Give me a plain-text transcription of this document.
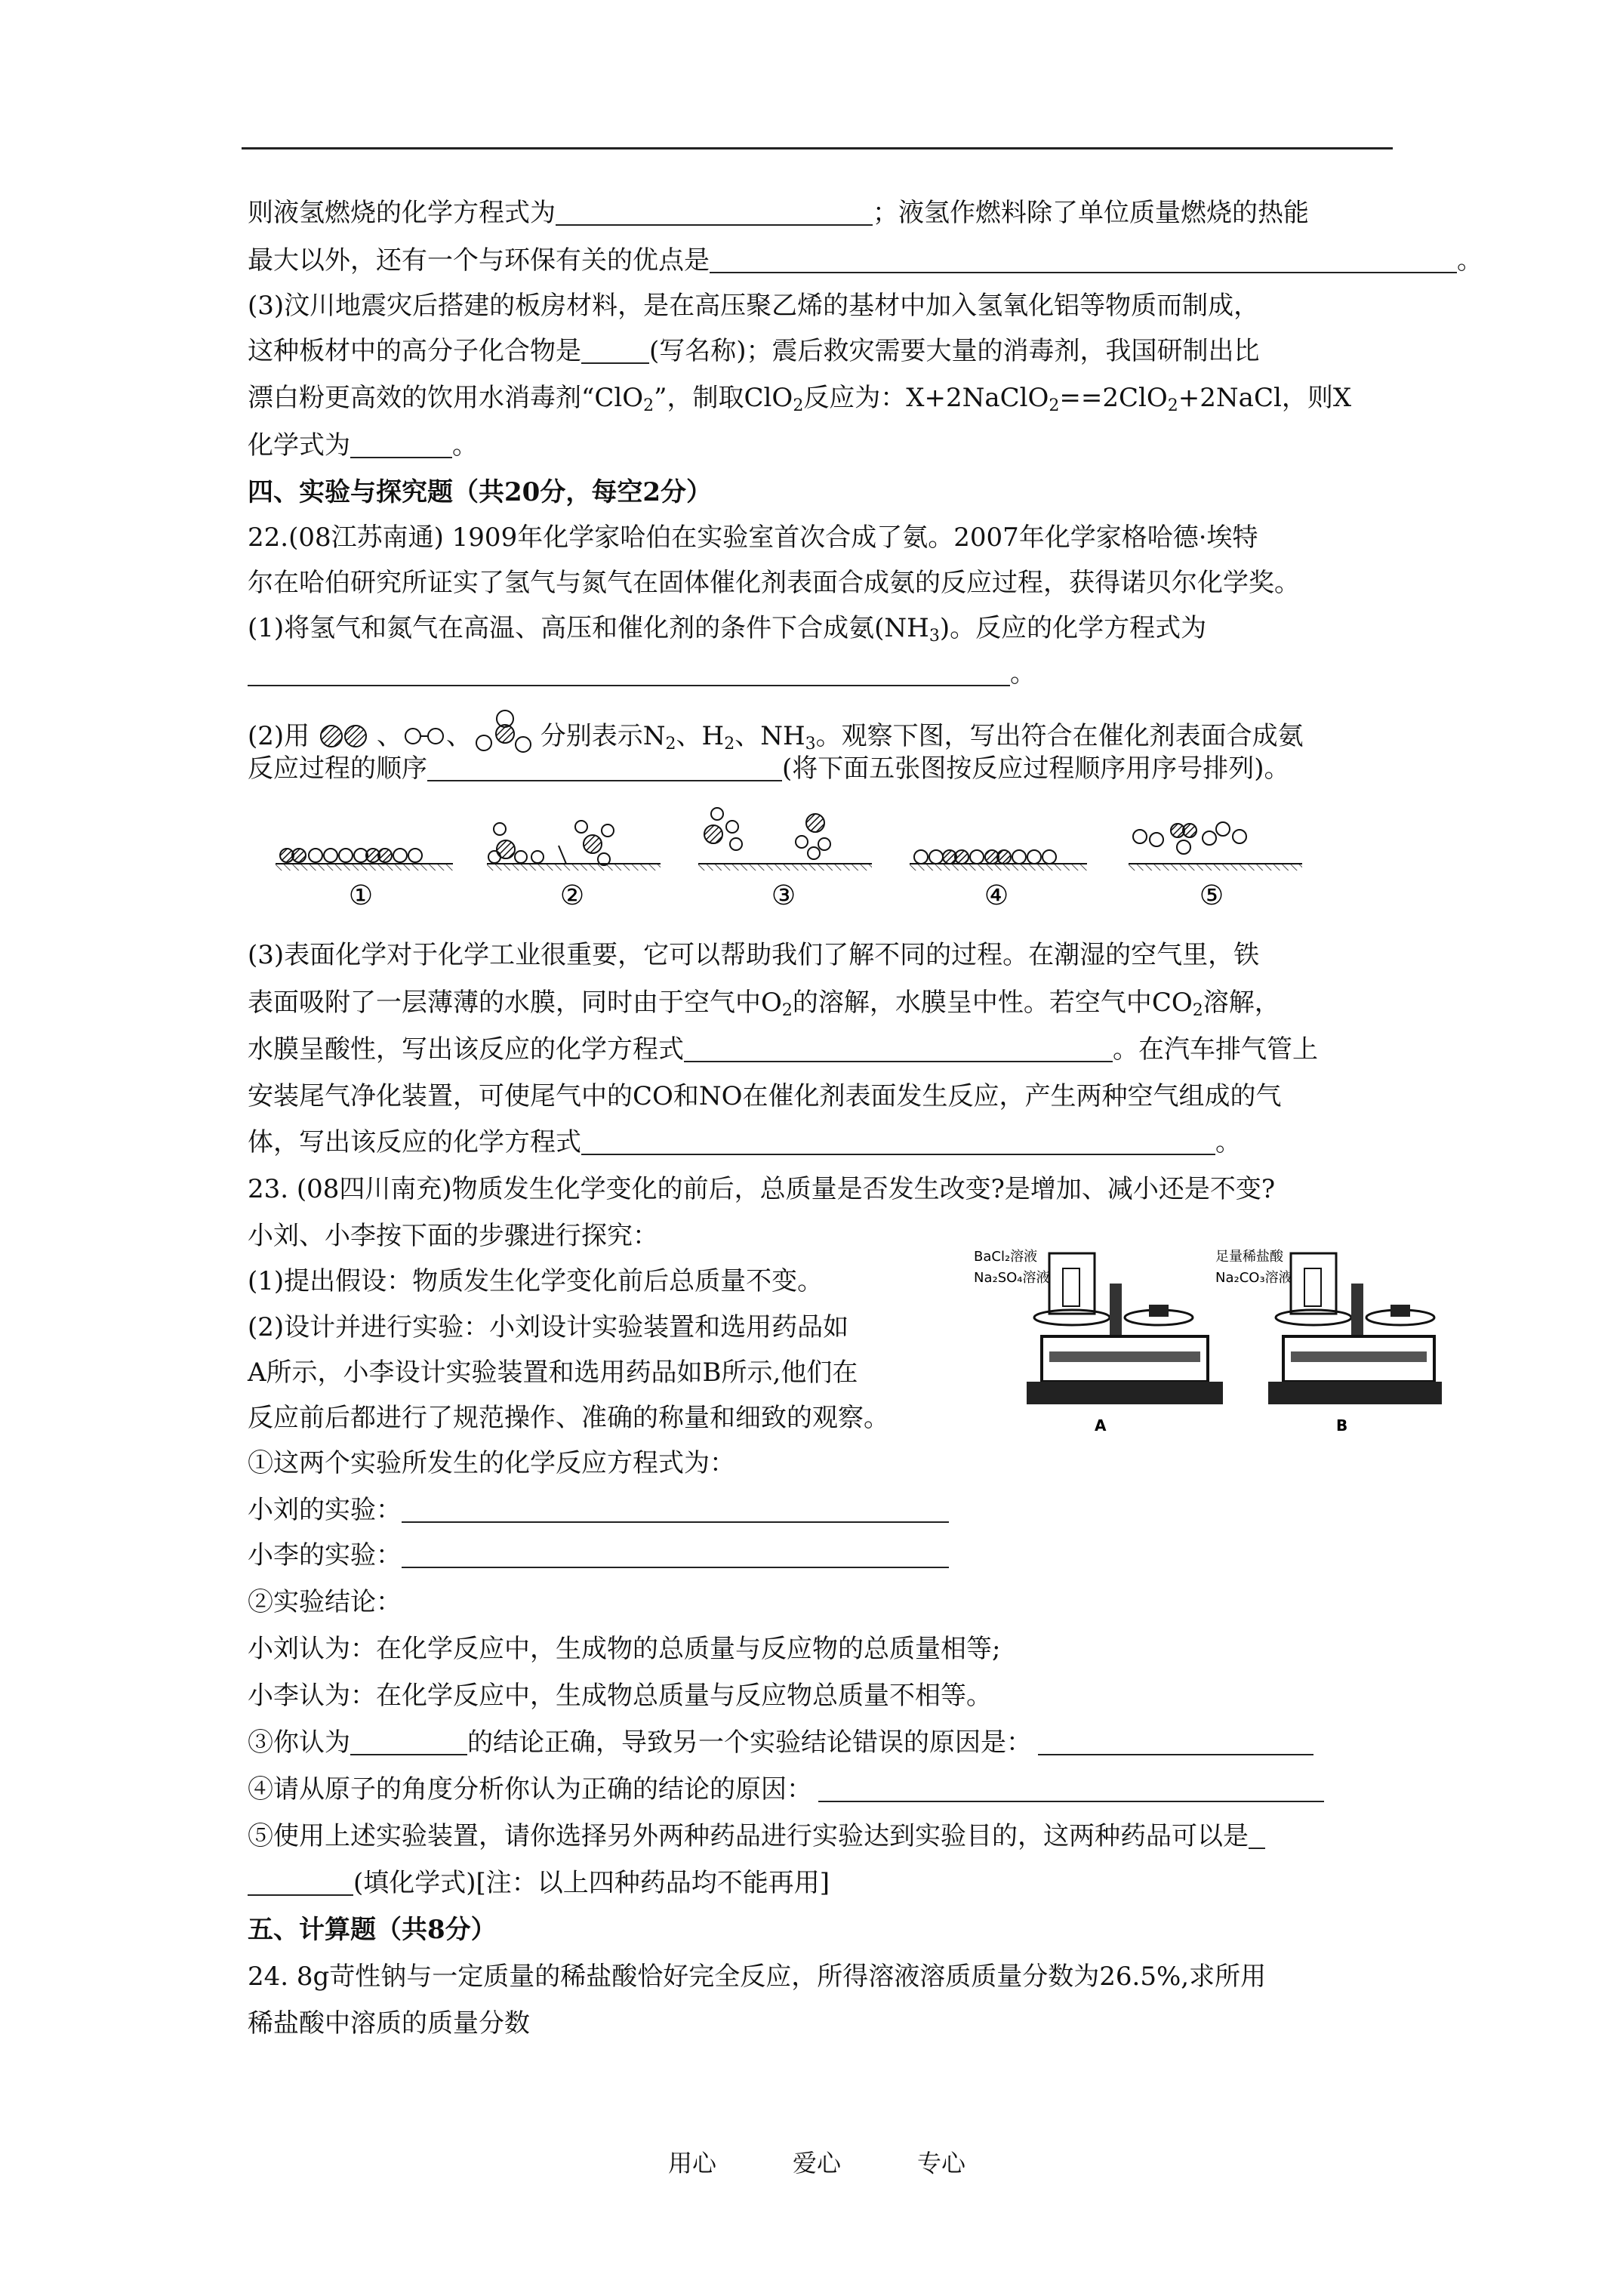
则液氢燃烧的化学方程式为	；液氢作燃料除了单位质量燃烧的热能
最大以外，还有一个与环保有关的优点是	。
(3)汶川地震灾后搭建的板房材料，是在高压聚乙烯的基材中加入氢氧化铝等物质而制成，
这种板材中的高分子化合物是	(写名称)；震后救灾需要大量的消毒剂，我国研制出比
漂白粉更高效的饮用水消毒剂“ClO$_2$”，制取ClO$_2$反应为：X+2NaClO$_2$==2ClO$_2$+2NaCl，则X
化学式为	。
四、实验与探究题（共20分，每空2分）
22.(08江苏南通) 1909年化学家哈伯在实验室首次合成了氨。2007年化学家格哈德·埃特
尔在哈伯研究所证实了氢气与氮气在固体催化剂表面合成氨的反应过程，获得诺贝尔化学奖。
(1)将氢气和氮气在高温、高压和催化剂的条件下合成氨$(NH_3)$。反应的化学方程式为
。
(2)用	、 、	分别表示$N_2$、$H_2$、$NH_3$。观察下图，写出符合在催化剂表面合成氨
反应过程的顺序	(将下面五张图按反应过程顺序用序号排列)。
①	②	③	④	⑤
(3)表面化学对于化学工业很重要，它可以帮助我们了解不同的过程。在潮湿的空气里，铁
表面吸附了一层薄薄的水膜，同时由于空气中$O_2$的溶解，水膜呈中性。若空气中$CO_2$溶解，
水膜呈酸性，写出该反应的化学方程式	。在汽车排气管上
安装尾气净化装置，可使尾气中的CO和NO在催化剂表面发生反应，产生两种空气组成的气
体，写出该反应的化学方程式	。
23. (08四川南充)物质发生化学变化的前后，总质量是否发生改变?是增加、减小还是不变?
小刘、小李按下面的步骤进行探究：
(1)提出假设：物质发生化学变化前后总质量不变。
(2)设计并进行实验：小刘设计实验装置和选用药品如
A所示，小李设计实验装置和选用药品如B所示,他们在
反应前后都进行了规范操作、准确的称量和细致的观察。
BaCl₂溶液
Na₂SO₄溶液
A
足量稀盐酸
Na₂CO₃溶液
B
①这两个实验所发生的化学反应方程式为：
小刘的实验：
小李的实验：
②实验结论：
小刘认为：在化学反应中，生成物的总质量与反应物的总质量相等;
小李认为：在化学反应中，生成物总质量与反应物总质量不相等。
③你认为	的结论正确，导致另一个实验结论错误的原因是：
④请从原子的角度分析你认为正确的结论的原因：
⑤使用上述实验装置，请你选择另外两种药品进行实验达到实验目的，这两种药品可以是
(填化学式)[注：以上四种药品均不能再用]
五、计算题（共8分）
24. 8g苛性钠与一定质量的稀盐酸恰好完全反应，所得溶液溶质质量分数为26.5%,求所用
稀盐酸中溶质的质量分数
用心	爱心	专心
